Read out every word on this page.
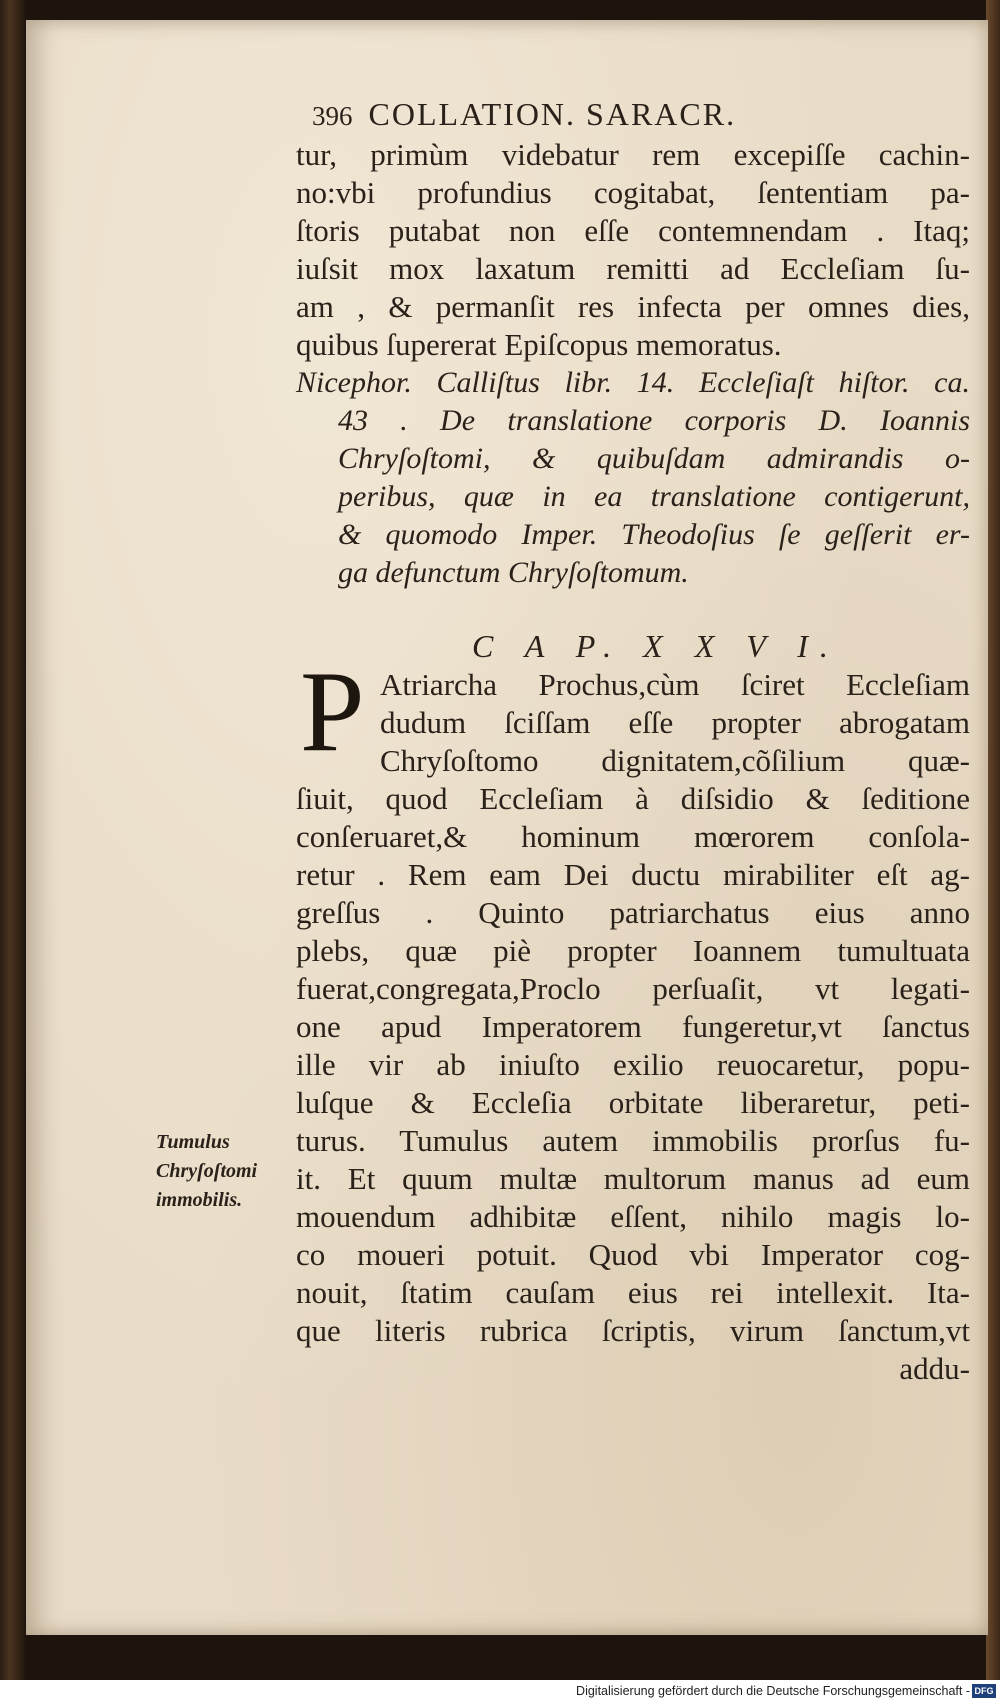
396 COLLATION. SARACR.
tur, primùm videbatur rem excepiſſe cachin-
no:vbi profundius cogitabat, ſententiam pa-
ſtoris putabat non eſſe contemnendam . Itaq;
iuſsit mox laxatum remitti ad Eccleſiam ſu-
am , & permanſit res infecta per omnes dies,
quibus ſupererat Epiſcopus memoratus.
Nicephor. Calliſtus libr. 14. Eccleſiaſt hiſtor. ca.
43 . De translatione corporis D. Ioannis
Chryſoſtomi, & quibuſdam admirandis o-
peribus, quæ in ea translatione contigerunt,
& quomodo Imper. Theodoſius ſe geſſerit er-
ga defunctum Chryſoſtomum.
C A P. X X V I.
P Atriarcha Prochus,cùm ſciret Eccleſiam
dudum ſciſſam eſſe propter abrogatam
Chryſoſtomo dignitatem,cõſilium quæ-
ſiuit, quod Eccleſiam à diſsidio & ſeditione
conſeruaret,& hominum mœrorem conſola-
retur . Rem eam Dei ductu mirabiliter eſt ag-
greſſus . Quinto patriarchatus eius anno
plebs, quæ piè propter Ioannem tumultuata
fuerat,congregata,Proclo perſuaſit, vt legati-
one apud Imperatorem fungeretur,vt ſanctus
ille vir ab iniuſto exilio reuocaretur, popu-
luſque & Eccleſia orbitate liberaretur, peti-
turus. Tumulus autem immobilis prorſus fu-
it. Et quum multæ multorum manus ad eum
mouendum adhibitæ eſſent, nihilo magis lo-
co moueri potuit. Quod vbi Imperator cog-
nouit, ſtatim cauſam eius rei intellexit. Ita-
que literis rubrica ſcriptis, virum ſanctum,vt
addu-
Tumulus
Chryſoſtomi
immobilis.
Digitalisierung gefördert durch die Deutsche Forschungsgemeinschaft - DFG
